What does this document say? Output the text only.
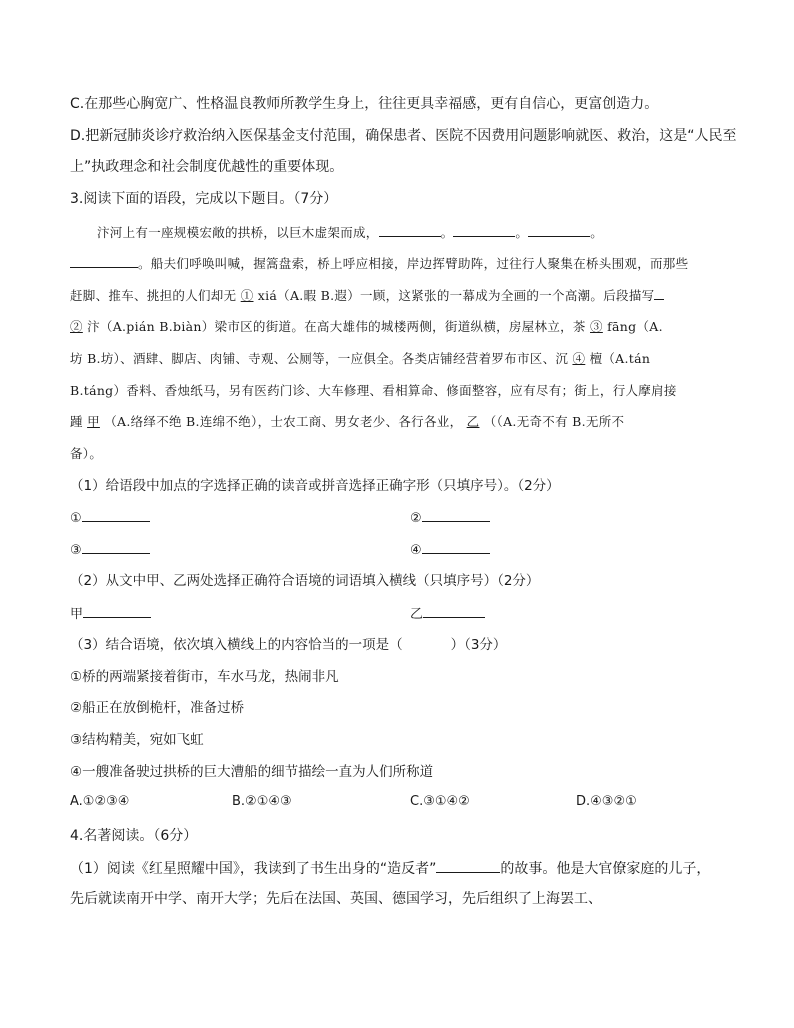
C.在那些心胸宽广、性格温良教师所教学生身上，往往更具幸福感，更有自信心，更富创造力。
D.把新冠肺炎诊疗救治纳入医保基金支付范围，确保患者、医院不因费用问题影响就医、救治，这是“人民至
上”执政理念和社会制度优越性的重要体现。
3.阅读下面的语段，完成以下题目。（7分）
汴河上有一座规模宏敞的拱桥，以巨木虚架而成，	。	。	。
。船夫们呼唤叫喊，握篙盘索，桥上呼应相接，岸边挥臂助阵，过往行人聚集在桥头围观，而那些
赶脚、推车、挑担的人们却无 ① xiá（A.暇 B.遐）一顾，这紧张的一幕成为全画的一个高潮。后段描写
② 汴（A.pián B.biàn）梁市区的街道。在高大雄伟的城楼两侧，街道纵横，房屋林立，茶 ③ fāng（A.
坊 B.坊）、酒肆、脚店、肉铺、寺观、公厕等，一应俱全。各类店铺经营着罗布市区、沉 ④ 檀（A.tán
B.táng）香料、香烛纸马，另有医药门诊、大车修理、看相算命、修面整容，应有尽有；街上，行人摩肩接
踵 甲 （A.络绎不绝 B.连绵不绝），士农工商、男女老少、各行各业， 乙 （（A.无奇不有 B.无所不
备）。
（1）给语段中加点的字选择正确的读音或拼音选择正确字形（只填序号）。（2分）
①	②
③	④
（2）从文中甲、乙两处选择正确符合语境的词语填入横线（只填序号）（2分）
甲	乙
（3）结合语境，依次填入横线上的内容恰当的一项是（	）（3分）
①桥的两端紧接着街市，车水马龙，热闹非凡
②船正在放倒桅杆，准备过桥
③结构精美，宛如飞虹
④一艘准备驶过拱桥的巨大漕船的细节描绘一直为人们所称道
A.①②③④	B.②①④③	C.③①④②	D.④③②①
4.名著阅读。（6分）
（1）阅读《红星照耀中国》，我读到了书生出身的“造反者”	的故事。他是大官僚家庭的儿子，
先后就读南开中学、南开大学；先后在法国、英国、德国学习，先后组织了上海罢工、
